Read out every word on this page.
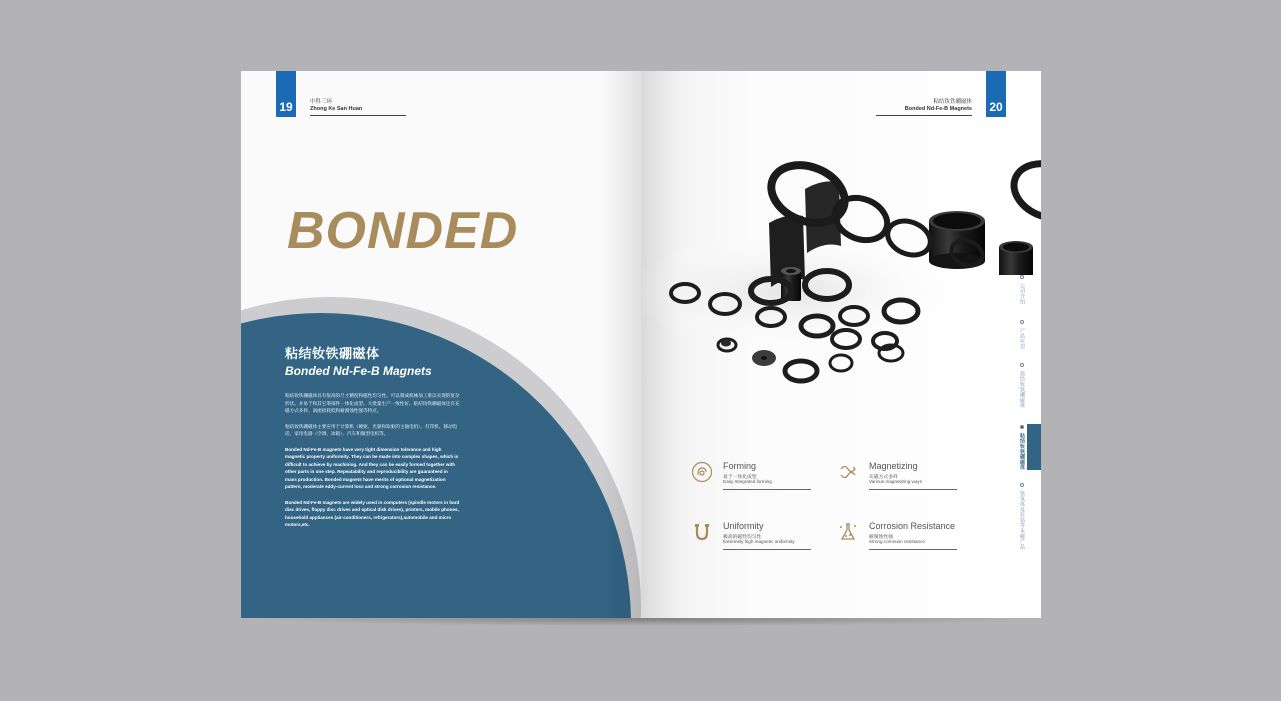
19	中科三环
Zhong Ke San Huan
BONDED
粘结钕铁硼磁体
Bonded Nd-Fe-B Magnets

粘结钕铁硼磁体具有很高的尺寸精度和磁性均匀性。可以制成机械加工难以实现的复杂形状。并易于和其它零部件一体化成型。大批量生产一致性好。粘结钕铁硼磁体还有充磁方式多样、涡流损耗低和耐腐蚀性强等特点。

粘结钕铁硼磁体主要应用于计算机（硬驱、光驱和软驱的主轴电机）、打印机、移动电话、家用电器（空调、冰箱）、汽车和微型电机等。

Bonded Nd-Fe-B magnets have very tight dimension tolerance and high magnetic property uniformity. They can be made into complex shapes, which is difficult to achieve by machining. And they can be easily formed together with other parts in one step. Repeatability and reproducibility are guaranteed in mass production. Bonded magnets have merits of optional magnetization pattern, moderate eddy-current loss and strong corrosion resistance.

Bonded Nd-Fe-B magnets are widely used in computers (spindle motors in hard disc drives, floppy disc drives and optical disk drives), printers, mobile phones, household appliances (air-conditioners, refrigerators),automobile and micro motors,etc.

20
粘结钕铁硼磁体
Bonded Nd-Fe-B Magnets
公司介绍
产品应用
烧结钕铁硼磁体
粘结钕铁硼磁体
铁氧体及钐钴等永磁产品
Forming
易于一体化成型
Easy Integrated forming
Magnetizing
充磁方式多样
Various magnetizing ways
Uniformity
极高的磁性均匀性
Extremely high magnetic uniformity
Corrosion Resistance
耐腐蚀性强
Strong corrosion resistance
